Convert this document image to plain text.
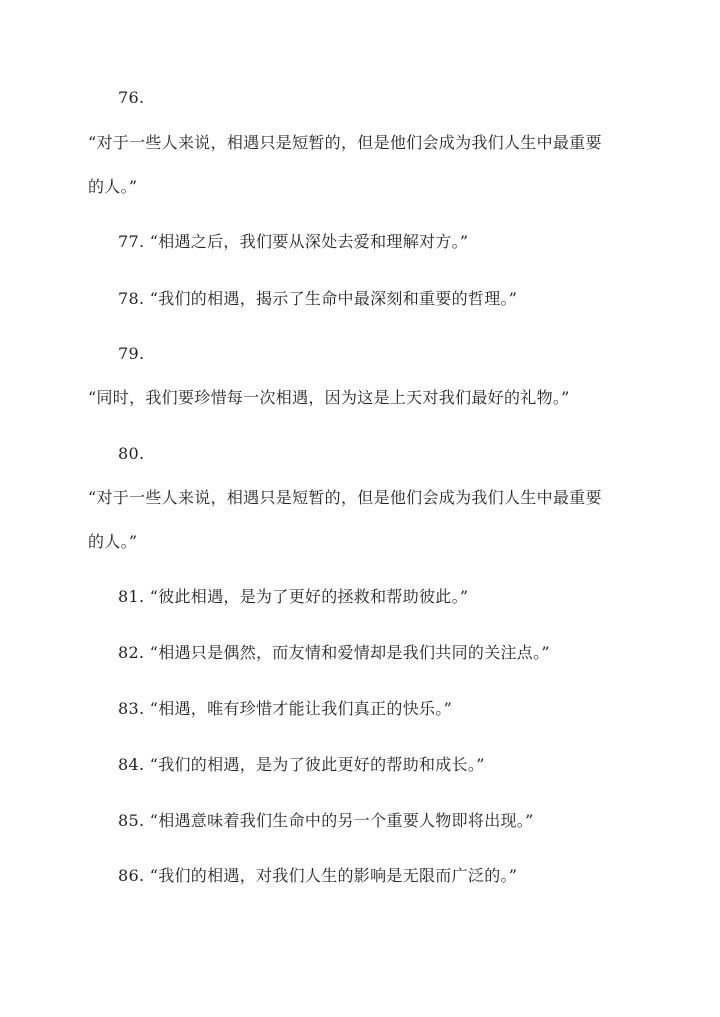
76.
“对于一些人来说，相遇只是短暂的，但是他们会成为我们人生中最重要
的人。”
77. “相遇之后，我们要从深处去爱和理解对方。”
78. “我们的相遇，揭示了生命中最深刻和重要的哲理。”
79.
“同时，我们要珍惜每一次相遇，因为这是上天对我们最好的礼物。”
80.
“对于一些人来说，相遇只是短暂的，但是他们会成为我们人生中最重要
的人。”
81. “彼此相遇，是为了更好的拯救和帮助彼此。”
82. “相遇只是偶然，而友情和爱情却是我们共同的关注点。”
83. “相遇，唯有珍惜才能让我们真正的快乐。”
84. “我们的相遇，是为了彼此更好的帮助和成长。”
85. “相遇意味着我们生命中的另一个重要人物即将出现。”
86. “我们的相遇，对我们人生的影响是无限而广泛的。”
